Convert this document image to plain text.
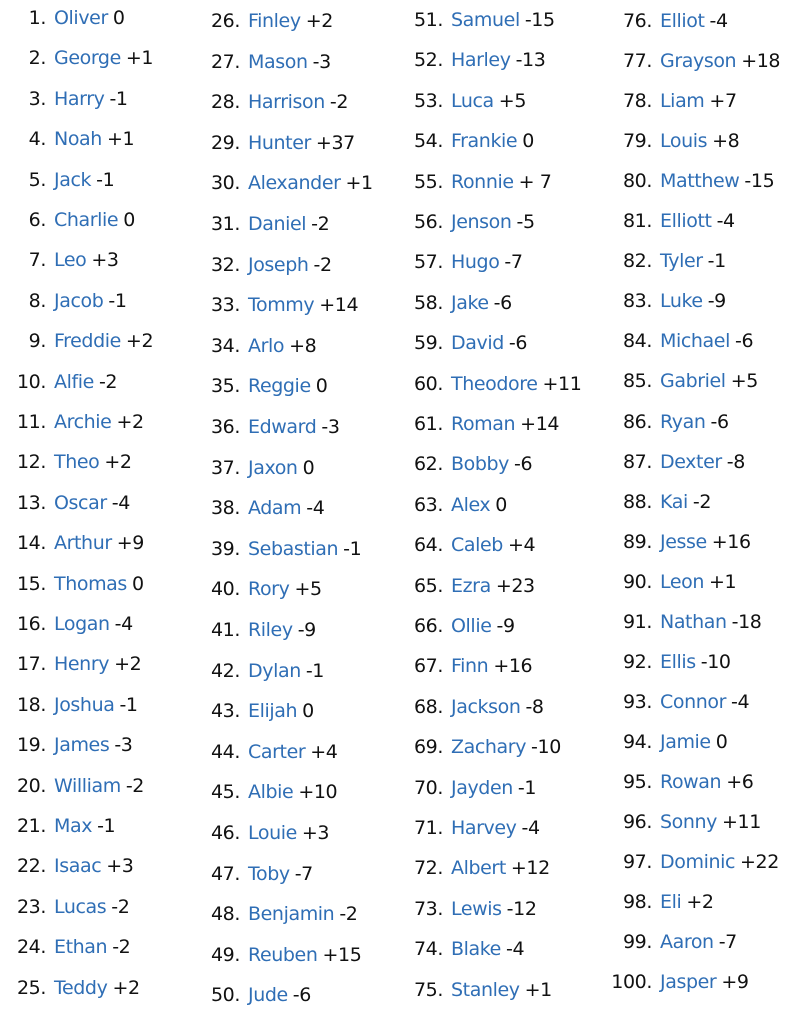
1. Oliver 0
2. George +1
3. Harry -1
4. Noah +1
5. Jack -1
6. Charlie 0
7. Leo +3
8. Jacob -1
9. Freddie +2
10. Alfie -2
11. Archie +2
12. Theo +2
13. Oscar -4
14. Arthur +9
15. Thomas 0
16. Logan -4
17. Henry +2
18. Joshua -1
19. James -3
20. William -2
21. Max -1
22. Isaac +3
23. Lucas -2
24. Ethan -2
25. Teddy +2
26. Finley +2
27. Mason -3
28. Harrison -2
29. Hunter +37
30. Alexander +1
31. Daniel -2
32. Joseph -2
33. Tommy +14
34. Arlo +8
35. Reggie 0
36. Edward -3
37. Jaxon 0
38. Adam -4
39. Sebastian -1
40. Rory +5
41. Riley -9
42. Dylan -1
43. Elijah 0
44. Carter +4
45. Albie +10
46. Louie +3
47. Toby -7
48. Benjamin -2
49. Reuben +15
50. Jude -6
51. Samuel -15
52. Harley -13
53. Luca +5
54. Frankie 0
55. Ronnie + 7
56. Jenson -5
57. Hugo -7
58. Jake -6
59. David -6
60. Theodore +11
61. Roman +14
62. Bobby -6
63. Alex 0
64. Caleb +4
65. Ezra +23
66. Ollie -9
67. Finn +16
68. Jackson -8
69. Zachary -10
70. Jayden -1
71. Harvey -4
72. Albert +12
73. Lewis -12
74. Blake -4
75. Stanley +1
76. Elliot -4
77. Grayson +18
78. Liam +7
79. Louis +8
80. Matthew -15
81. Elliott -4
82. Tyler -1
83. Luke -9
84. Michael -6
85. Gabriel +5
86. Ryan -6
87. Dexter -8
88. Kai -2
89. Jesse +16
90. Leon +1
91. Nathan -18
92. Ellis -10
93. Connor -4
94. Jamie 0
95. Rowan +6
96. Sonny +11
97. Dominic +22
98. Eli +2
99. Aaron -7
100. Jasper +9
